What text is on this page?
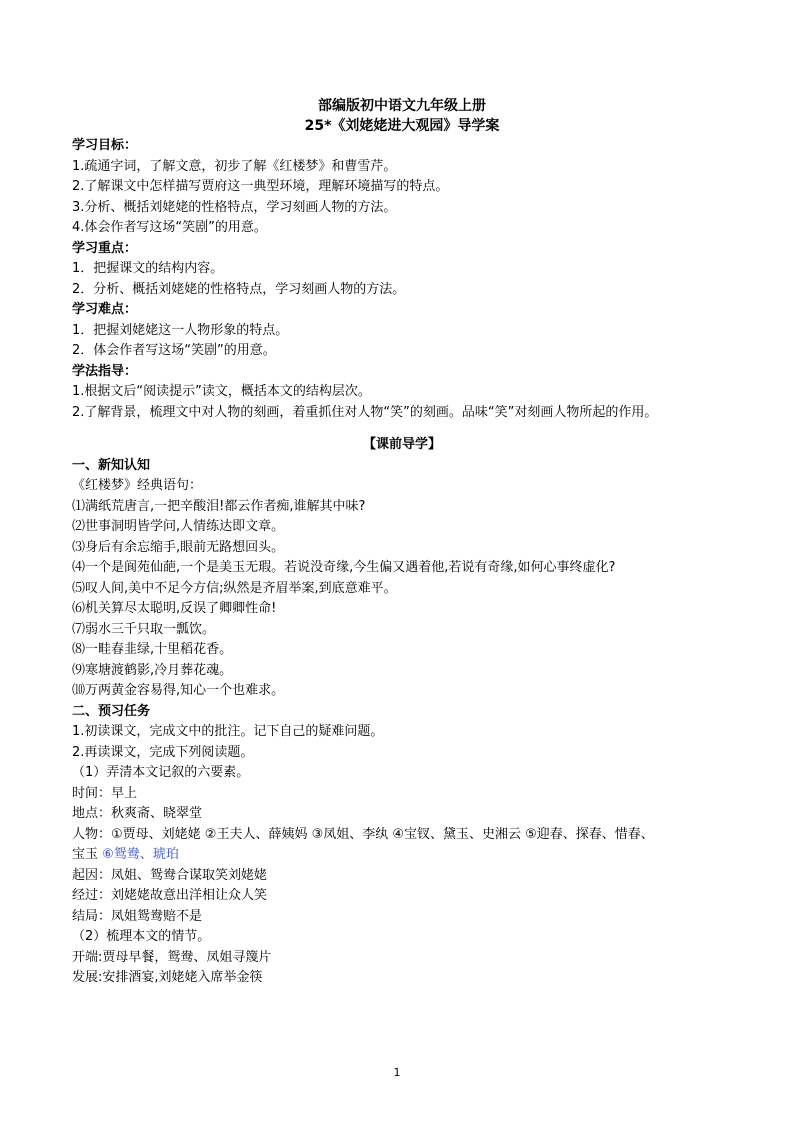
部编版初中语文九年级上册
25*《刘姥姥进大观园》导学案
学习目标：
1.疏通字词，了解文意，初步了解《红楼梦》和曹雪芹。
2.了解课文中怎样描写贾府这一典型环境，理解环境描写的特点。
3.分析、概括刘姥姥的性格特点，学习刻画人物的方法。
4.体会作者写这场“笑剧”的用意。
学习重点：
1．把握课文的结构内容。
2．分析、概括刘姥姥的性格特点，学习刻画人物的方法。
学习难点：
1．把握刘姥姥这一人物形象的特点。
2．体会作者写这场“笑剧”的用意。
学法指导：
1.根据文后“阅读提示”读文，概括本文的结构层次。
2.了解背景，梳理文中对人物的刻画，着重抓住对人物“笑”的刻画。品味“笑”对刻画人物所起的作用。
【课前导学】
一、新知认知
《红楼梦》经典语句：
⑴满纸荒唐言,一把辛酸泪!都云作者痴,谁解其中味?
⑵世事洞明皆学问,人情练达即文章。
⑶身后有余忘缩手,眼前无路想回头。
⑷一个是阆苑仙葩,一个是美玉无瑕。若说没奇缘,今生偏又遇着他,若说有奇缘,如何心事终虚化?
⑸叹人间,美中不足今方信;纵然是齐眉举案,到底意难平。
⑹机关算尽太聪明,反误了卿卿性命!
⑺弱水三千只取一瓢饮。
⑻一畦春韭绿,十里稻花香。
⑼寒塘渡鹤影,冷月葬花魂。
⑽万两黄金容易得,知心一个也难求。
二、预习任务
1.初读课文，完成文中的批注。记下自己的疑难问题。
2.再读课文，完成下列阅读题。
（1）弄清本文记叙的六要素。
时间：早上
地点：秋爽斋、晓翠堂
人物：①贾母、刘姥姥 ②王夫人、薛姨妈 ③凤姐、李纨 ④宝钗、黛玉、史湘云 ⑤迎春、探春、惜春、
宝玉 ⑥鸳鸯、琥珀
起因：凤姐、鸳鸯合谋取笑刘姥姥
经过：刘姥姥故意出洋相让众人笑
结局：凤姐鸳鸯赔不是
（2）梳理本文的情节。
开端:贾母早餐，鸳鸯、凤姐寻篾片
发展:安排酒宴,刘姥姥入席举金筷
1
